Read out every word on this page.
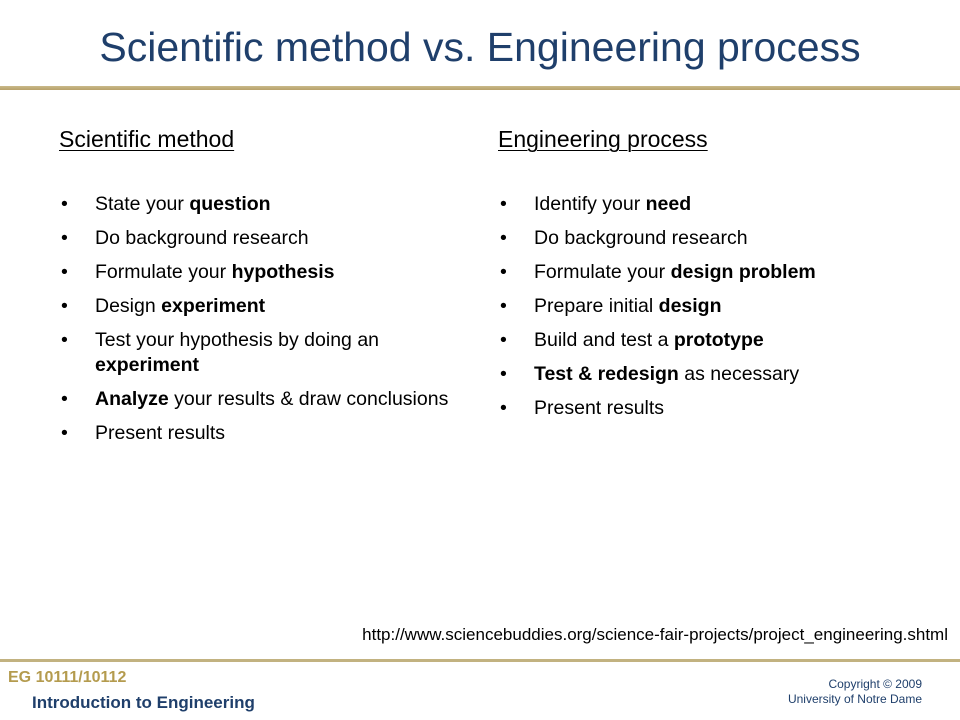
Scientific method vs. Engineering process
Scientific method
• State your question
• Do background research
• Formulate your hypothesis
• Design experiment
• Test your hypothesis by doing an experiment
• Analyze your results & draw conclusions
• Present results
Engineering process
• Identify your need
• Do background research
• Formulate your design problem
• Prepare initial design
• Build and test a prototype
• Test & redesign as necessary
• Present results
http://www.sciencebuddies.org/science-fair-projects/project_engineering.shtml
EG 10111/10112
Introduction to Engineering
Copyright © 2009
University of Notre Dame
